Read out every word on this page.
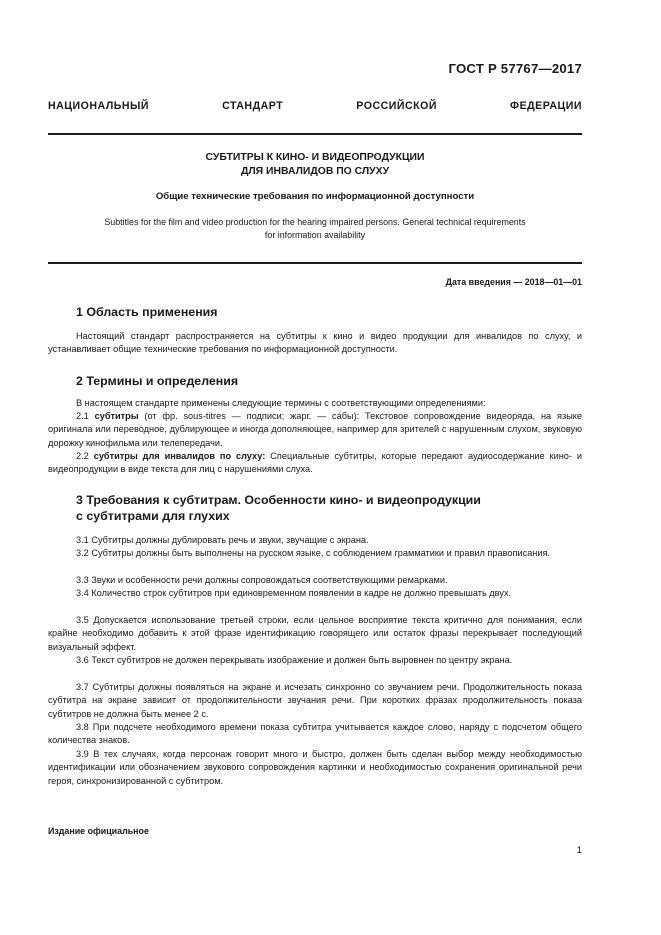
ГОСТ Р 57767—2017
НАЦИОНАЛЬНЫЙ СТАНДАРТ РОССИЙСКОЙ ФЕДЕРАЦИИ
СУБТИТРЫ К КИНО- И ВИДЕОПРОДУКЦИИ
ДЛЯ ИНВАЛИДОВ ПО СЛУХУ
Общие технические требования по информационной доступности
Subtitles for the film and video production for the hearing impaired persons. General technical requirements
for information availability
Дата введения — 2018—01—01
1 Область применения
Настоящий стандарт распространяется на субтитры к кино и видео продукции для инвалидов по слуху, и устанавливает общие технические требования по информационной доступности.
2 Термины и определения
В настоящем стандарте применены следующие термины с соответствующими определениями:
2.1 субтитры (от фр. sous-titres — подписи; жарг. — сáбы): Текстовое сопровождение видеоряда, на языке оригинала или переводное, дублирующее и иногда дополняющее, например для зрителей с нарушенным слухом, звуковую дорожку кинофильма или телепередачи.
2.2 субтитры для инвалидов по слуху: Специальные субтитры, которые передают аудиосодержание кино- и видеопродукции в виде текста для лиц с нарушениями слуха.
3 Требования к субтитрам. Особенности кино- и видеопродукции
с субтитрами для глухих
3.1 Субтитры должны дублировать речь и звуки, звучащие с экрана.
3.2 Субтитры должны быть выполнены на русском языке, с соблюдением грамматики и правил правописания.
3.3 Звуки и особенности речи должны сопровождаться соответствующими ремарками.
3.4 Количество строк субтитров при единовременном появлении в кадре не должно превышать двух.
3.5 Допускается использование третьей строки, если цельное восприятие текста критично для понимания, если крайне необходимо добавить к этой фразе идентификацию говорящего или остаток фразы перекрывает последующий визуальный эффект.
3.6 Текст субтитров не должен перекрывать изображение и должен быть выровнен по центру экрана.
3.7 Субтитры должны появляться на экране и исчезать синхронно со звучанием речи. Продолжительность показа субтитра на экране зависит от продолжительности звучания речи. При коротких фразах продолжительность показа субтитров не должна быть менее 2 с.
3.8 При подсчете необходимого времени показа субтитра учитывается каждое слово, наряду с подсчетом общего количества знаков.
3.9 В тех случаях, когда персонаж говорит много и быстро, должен быть сделан выбор между необходимостью идентификации или обозначением звукового сопровождения картинки и необходимостью сохранения оригинальной речи героя, синхронизированной с субтитром.
Издание официальное
1
